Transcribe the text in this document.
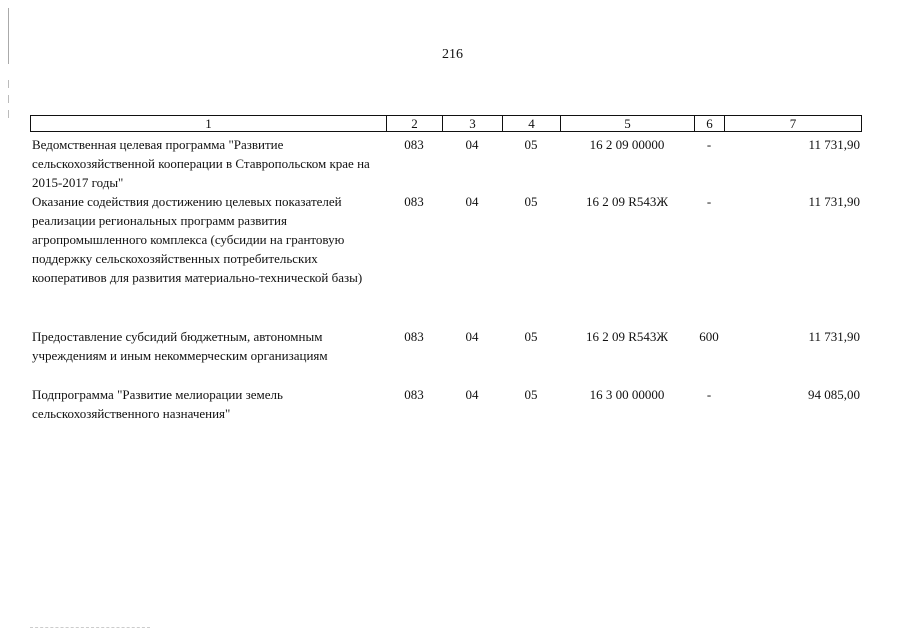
216
1	2	3	4	5	6	7
Ведомственная целевая программа "Развитие сельскохозяйственной кооперации в Ставропольском крае на 2015-2017 годы"
083	04	05	16 2 09 00000	-	11 731,90
Оказание содействия достижению целевых показателей реализации региональных программ развития агропромышленного комплекса (субсидии на грантовую поддержку сельскохозяйственных потребительских кооперативов для развития материально-технической базы)
083	04	05	16 2 09 R543Ж	-	11 731,90
Предоставление субсидий бюджетным, автономным учреждениям и иным некоммерческим организациям
083	04	05	16 2 09 R543Ж	600	11 731,90
Подпрограмма "Развитие мелиорации земель сельскохозяйственного назначения"
083	04	05	16 3 00 00000	-	94 085,00
